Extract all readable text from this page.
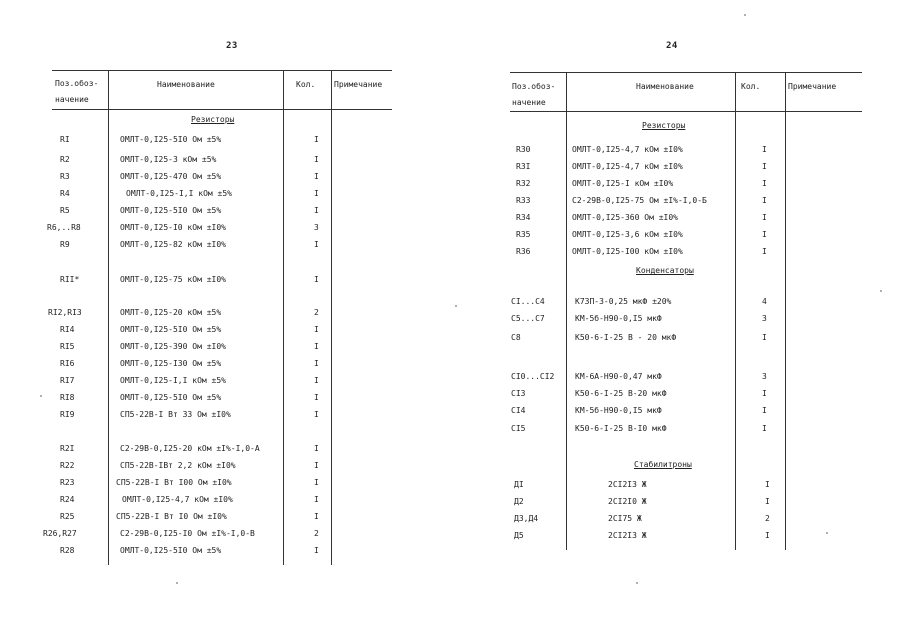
23
Поз.обоз-
начение
Наименование	Кол. Примечание
Резисторы
RI	ОМЛТ-0,I25-5I0 Ом ±5%	I
R2	ОМЛТ-0,I25-3 кОм ±5%	I
R3	ОМЛТ-0,I25-470 Ом ±5%	I
R4	ОМЛТ-0,I25-I,I кОм ±5%	I
R5	ОМЛТ-0,I25-5I0 Ом ±5%	I
R6,..R8	ОМЛТ-0,I25-I0 кОм ±I0%	3
R9	ОМЛТ-0,I25-82 кОм ±I0%	I
RII*	ОМЛТ-0,I25-75 кОм ±I0%	I
RI2,RI3	ОМЛТ-0,I25-20 кОм ±5%	2
RI4	ОМЛТ-0,I25-5I0 Ом ±5%	I
RI5	ОМЛТ-0,I25-390 Ом ±I0%	I
RI6	ОМЛТ-0,I25-I30 Ом ±5%	I
RI7	ОМЛТ-0,I25-I,I кОм ±5%	I
RI8	ОМЛТ-0,I25-5I0 Ом ±5%	I
RI9	СП5-22В-I Вт 33 Ом ±I0%	I
R2I	С2-29В-0,I25-20 кОм ±I%-I,0-А	I
R22	СП5-22В-IВт 2,2 кОм ±I0%	I
R23	СП5-22В-I Вт I00 Ом ±I0%	I
R24	ОМЛТ-0,I25-4,7 кОм ±I0%	I
R25	СП5-22В-I Вт I0 Ом ±I0%	I
R26,R27	С2-29В-0,I25-I0 Ом ±I%-I,0-В	2
R28	ОМЛТ-0,I25-5I0 Ом ±5%	I
24
Поз.обоз-
начение
Наименование	Кол.	Примечание
Резисторы
R30	ОМЛТ-0,I25-4,7 кОм ±I0%	I
R3I	ОМЛТ-0,I25-4,7 кОм ±I0%	I
R32	ОМЛТ-0,I25-I кОм ±I0%	I
R33	С2-29В-0,I25-75 Ом ±I%-I,0-Б	I
R34	ОМЛТ-0,I25-360 Ом ±I0%	I
R35	ОМЛТ-0,I25-3,6 кОм ±I0%	I
R36	ОМЛТ-0,I25-I00 кОм ±I0%	I
Конденсаторы
CI...C4	К73П-3-0,25 мкФ ±20%	4
C5...C7	КМ-5б-Н90-0,I5 мкФ	3
C8	К50-6-I-25 В - 20 мкФ	I
CI0...CI2	КМ-6А-Н90-0,47 мкФ	3
CI3	К50-6-I-25 В-20 мкФ	I
CI4	КМ-5б-Н90-0,I5 мкФ	I
CI5	К50-6-I-25 В-I0 мкФ	I
Стабилитроны
ДI	2CI2I3 Ж	I
Д2	2CI2I0 Ж	I
Д3,Д4	2CI75 Ж	2
Д5	2CI2I3 Ж	I
